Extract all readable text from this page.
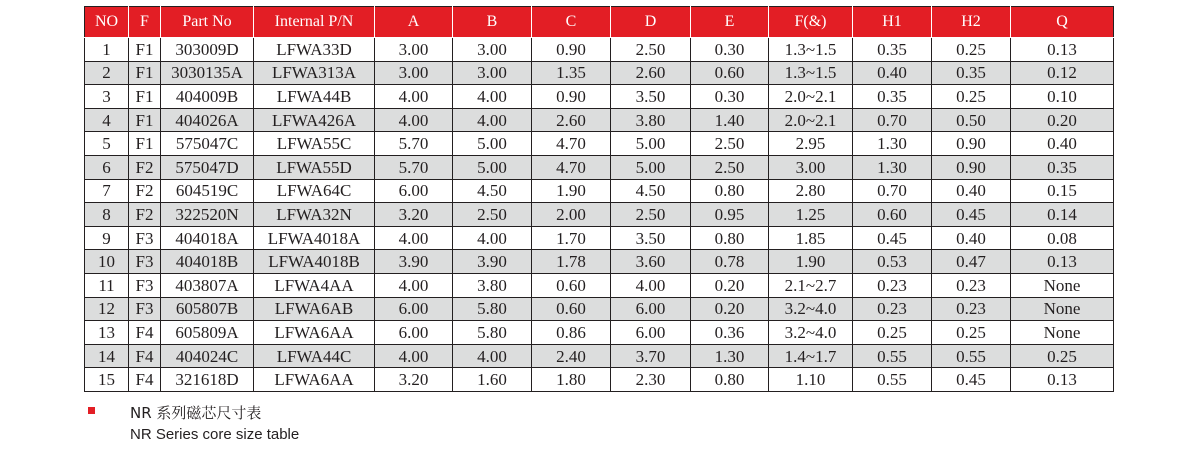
NO	F	Part No	Internal P/N	A	B	C	D	E	F(&)	H1	H2	Q
1	F1	303009D	LFWA33D	3.00	3.00	0.90	2.50	0.30	1.3~1.5	0.35	0.25	0.13
2	F1	3030135A	LFWA313A	3.00	3.00	1.35	2.60	0.60	1.3~1.5	0.40	0.35	0.12
3	F1	404009B	LFWA44B	4.00	4.00	0.90	3.50	0.30	2.0~2.1	0.35	0.25	0.10
4	F1	404026A	LFWA426A	4.00	4.00	2.60	3.80	1.40	2.0~2.1	0.70	0.50	0.20
5	F1	575047C	LFWA55C	5.70	5.00	4.70	5.00	2.50	2.95	1.30	0.90	0.40
6	F2	575047D	LFWA55D	5.70	5.00	4.70	5.00	2.50	3.00	1.30	0.90	0.35
7	F2	604519C	LFWA64C	6.00	4.50	1.90	4.50	0.80	2.80	0.70	0.40	0.15
8	F2	322520N	LFWA32N	3.20	2.50	2.00	2.50	0.95	1.25	0.60	0.45	0.14
9	F3	404018A	LFWA4018A	4.00	4.00	1.70	3.50	0.80	1.85	0.45	0.40	0.08
10	F3	404018B	LFWA4018B	3.90	3.90	1.78	3.60	0.78	1.90	0.53	0.47	0.13
11	F3	403807A	LFWA4AA	4.00	3.80	0.60	4.00	0.20	2.1~2.7	0.23	0.23	None
12	F3	605807B	LFWA6AB	6.00	5.80	0.60	6.00	0.20	3.2~4.0	0.23	0.23	None
13	F4	605809A	LFWA6AA	6.00	5.80	0.86	6.00	0.36	3.2~4.0	0.25	0.25	None
14	F4	404024C	LFWA44C	4.00	4.00	2.40	3.70	1.30	1.4~1.7	0.55	0.55	0.25
15	F4	321618D	LFWA6AA	3.20	1.60	1.80	2.30	0.80	1.10	0.55	0.45	0.13
NR 系列磁芯尺寸表
NR Series core size table
